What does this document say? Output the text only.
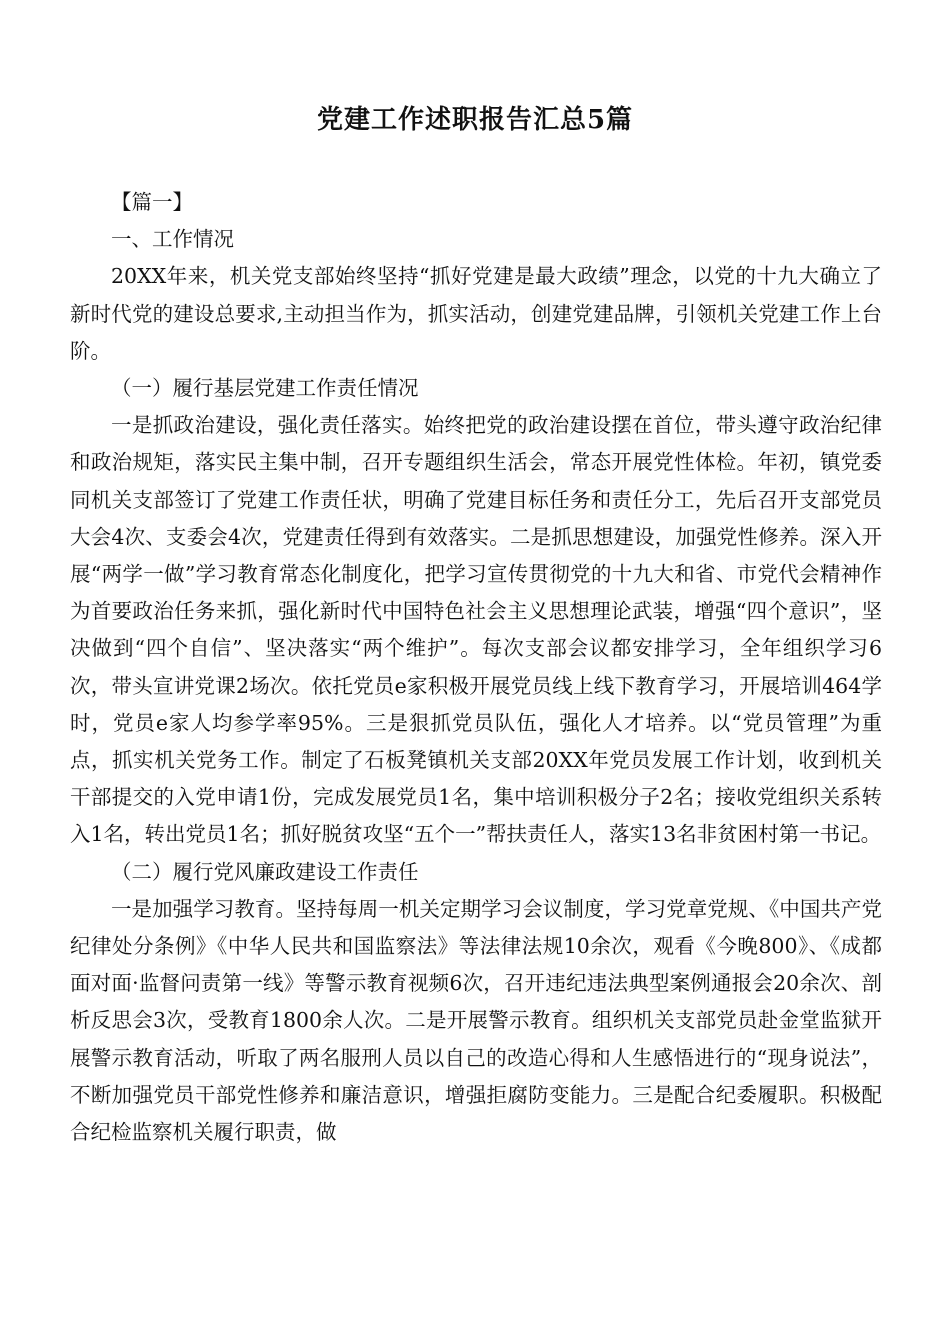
党建工作述职报告汇总5篇

【篇一】

一、工作情况

20XX年来，机关党支部始终坚持“抓好党建是最大政绩”理念，以党的十九大确立了新时代党的建设总要求,主动担当作为，抓实活动，创建党建品牌，引领机关党建工作上台阶。

（一）履行基层党建工作责任情况

一是抓政治建设，强化责任落实。始终把党的政治建设摆在首位，带头遵守政治纪律和政治规矩，落实民主集中制，召开专题组织生活会，常态开展党性体检。年初，镇党委同机关支部签订了党建工作责任状，明确了党建目标任务和责任分工，先后召开支部党员大会4次、支委会4次，党建责任得到有效落实。二是抓思想建设，加强党性修养。深入开展“两学一做”学习教育常态化制度化，把学习宣传贯彻党的十九大和省、市党代会精神作为首要政治任务来抓，强化新时代中国特色社会主义思想理论武装，增强“四个意识”，坚决做到“四个自信”、坚决落实“两个维护”。每次支部会议都安排学习，全年组织学习6次，带头宣讲党课2场次。依托党员e家积极开展党员线上线下教育学习，开展培训464学时，党员e家人均参学率95%。三是狠抓党员队伍，强化人才培养。以“党员管理”为重点，抓实机关党务工作。制定了石板凳镇机关支部20XX年党员发展工作计划，收到机关干部提交的入党申请1份，完成发展党员1名，集中培训积极分子2名；接收党组织关系转入1名，转出党员1名；抓好脱贫攻坚“五个一”帮扶责任人，落实13名非贫困村第一书记。

（二）履行党风廉政建设工作责任

一是加强学习教育。坚持每周一机关定期学习会议制度，学习党章党规、《中国共产党纪律处分条例》《中华人民共和国监察法》等法律法规10余次，观看《今晚800》、《成都面对面·监督问责第一线》等警示教育视频6次，召开违纪违法典型案例通报会20余次、剖析反思会3次，受教育1800余人次。二是开展警示教育。组织机关支部党员赴金堂监狱开展警示教育活动，听取了两名服刑人员以自己的改造心得和人生感悟进行的“现身说法”，不断加强党员干部党性修养和廉洁意识，增强拒腐防变能力。三是配合纪委履职。积极配合纪检监察机关履行职责，做
